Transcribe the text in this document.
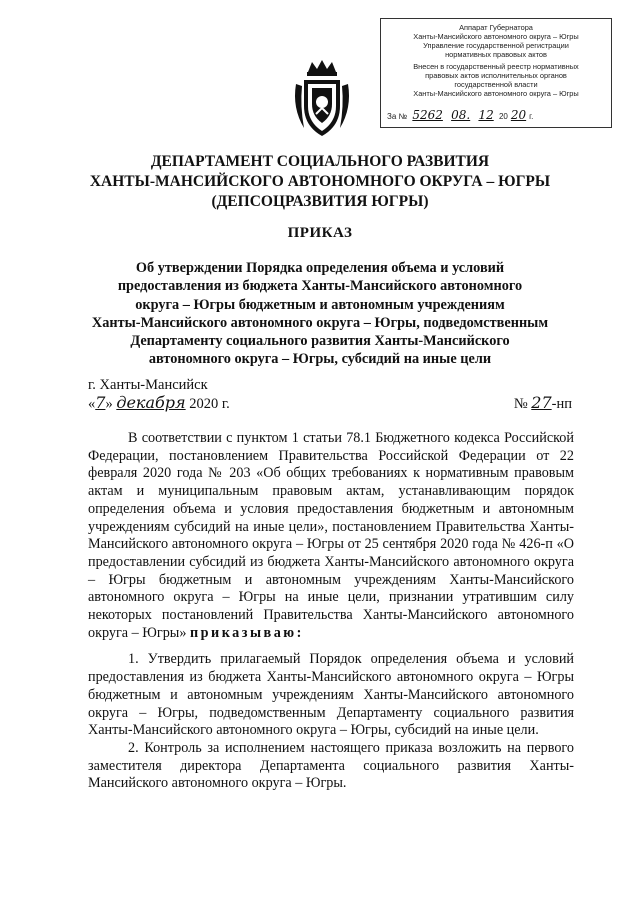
Аппарат Губернатора
Ханты-Мансийского автономного округа – Югры
Управление государственной регистрации
нормативных правовых актов
Внесен в государственный реестр нормативных
правовых актов исполнительных органов
государственной власти
Ханты-Мансийского автономного округа – Югры
За № 5262 08. 12 20 20 г.
ДЕПАРТАМЕНТ СОЦИАЛЬНОГО РАЗВИТИЯ
ХАНТЫ-МАНСИЙСКОГО АВТОНОМНОГО ОКРУГА – ЮГРЫ
(ДЕПСОЦРАЗВИТИЯ ЮГРЫ)
ПРИКАЗ
Об утверждении Порядка определения объема и условий
предоставления из бюджета Ханты-Мансийского автономного
округа – Югры бюджетным и автономным учреждениям
Ханты-Мансийского автономного округа – Югры, подведомственным
Департаменту социального развития Ханты-Мансийского
автономного округа – Югры, субсидий на иные цели
г. Ханты-Мансийск
«7» декабря 2020 г.	№ 27-нп

В соответствии с пунктом 1 статьи 78.1 Бюджетного кодекса Российской Федерации, постановлением Правительства Российской Федерации от 22 февраля 2020 года № 203 «Об общих требованиях к нормативным правовым актам и муниципальным правовым актам, устанавливающим порядок определения объема и условия предоставления бюджетным и автономным учреждениям субсидий на иные цели», постановлением Правительства Ханты-Мансийского автономного округа – Югры от 25 сентября 2020 года № 426-п «О предоставлении субсидий из бюджета Ханты-Мансийского автономного округа – Югры бюджетным и автономным учреждениям Ханты-Мансийского автономного округа – Югры на иные цели, признании утратившим силу некоторых постановлений Правительства Ханты-Мансийского автономного округа – Югры» приказываю:

1. Утвердить прилагаемый Порядок определения объема и условий предоставления из бюджета Ханты-Мансийского автономного округа – Югры бюджетным и автономным учреждениям Ханты-Мансийского автономного округа – Югры, подведомственным Департаменту социального развития Ханты-Мансийского автономного округа – Югры, субсидий на иные цели.

2. Контроль за исполнением настоящего приказа возложить на первого заместителя директора Департамента социального развития Ханты-Мансийского автономного округа – Югры.
